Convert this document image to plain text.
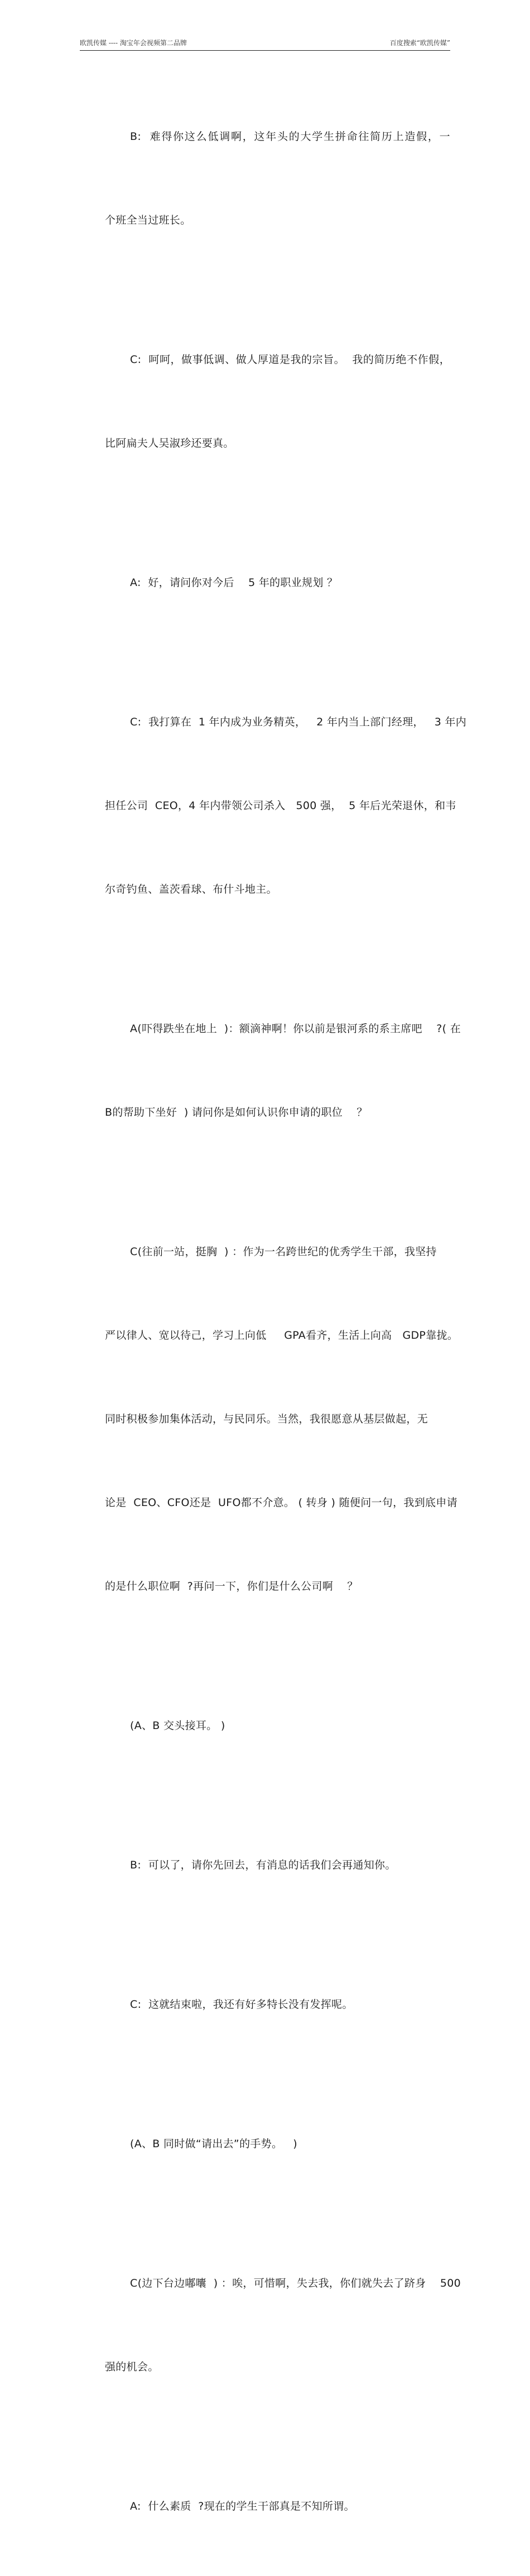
欧凯传媒 ---- 淘宝年会视频第二品牌	百度搜索“欧凯传媒”

B:  难得你这么低调啊，这年头的大学生拼命往简历上造假，一

个班全当过班长。

C:  呵呵，做事低调、做人厚道是我的宗旨。  我的简历绝不作假，

比阿扁夫人吴淑珍还要真。

A:  好，请问你对今后    5 年的职业规划 ？

C:  我打算在  1 年内成为业务精英，   2 年内当上部门经理，   3 年内

担任公司  CEO，4 年内带领公司杀入   500 强，  5 年后光荣退休，和韦

尔奇钓鱼、盖茨看球、布什斗地主。

A(吓得跌坐在地上  )：额滴神啊！你以前是银河系的系主席吧    ?( 在

B的帮助下坐好  ) 请问你是如何认识你申请的职位    ？

C(往前一站，挺胸  ) ：作为一名跨世纪的优秀学生干部，我坚持

严以律人、宽以待己，学习上向低     GPA看齐，生活上向高   GDP靠拢。

同时积极参加集体活动，与民同乐。当然，我很愿意从基层做起，无

论是  CEO、CFO还是  UFO都不介意。 ( 转身 ) 随便问一句，我到底申请

的是什么职位啊  ?再问一下，你们是什么公司啊    ？

(A、B 交头接耳。 )

B:  可以了，请你先回去，有消息的话我们会再通知你。

C:  这就结束啦，我还有好多特长没有发挥呢。

(A、B 同时做“请出去”的手势。   )

C(边下台边嘟囔  ) ：唉，可惜啊，失去我，你们就失去了跻身    500

强的机会。

A:  什么素质  ?现在的学生干部真是不知所谓。
